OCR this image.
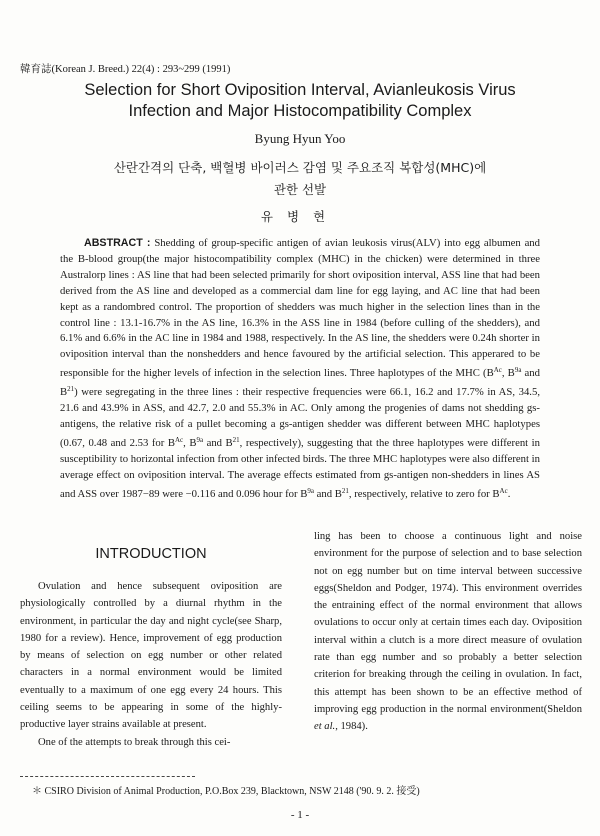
韓育誌(Korean J. Breed.) 22(4) : 293~299 (1991)
Selection for Short Oviposition Interval, Avianleukosis Virus
Infection and Major Histocompatibility Complex
Byung Hyun Yoo
산란간격의 단축, 백혈병 바이러스 감염 및 주요조직 복합성(MHC)에
관한 선발
유병현
ABSTRACT : Shedding of group-specific antigen of avian leukosis virus(ALV) into egg albumen and the B-blood group(the major histocompatibility complex (MHC) in the chicken) were determined in three Australorp lines : AS line that had been selected primarily for short oviposition interval, ASS line that had been derived from the AS line and developed as a commercial dam line for egg laying, and AC line that had been kept as a randombred control. The proportion of shedders was much higher in the selection lines than in the control line : 13.1-16.7% in the AS line, 16.3% in the ASS line in 1984 (before culling of the shedders), and 6.1% and 6.6% in the AC line in 1984 and 1988, respectively. In the AS line, the shedders were 0.24h shorter in oviposition interval than the nonshedders and hence favoured by the artificial selection. This apperared to be responsible for the higher levels of infection in the selection lines. Three haplotypes of the MHC ($B^{Ac}$, $B^{9a}$ and $B^{21}$) were segregating in the three lines : their respective frequencies were 66.1, 16.2 and 17.7% in AS, 34.5, 21.6 and 43.9% in ASS, and 42.7, 2.0 and 55.3% in AC. Only among the progenies of dams not shedding gs-antigens, the relative risk of a pullet becoming a gs-antigen shedder was different between MHC haplotypes (0.67, 0.48 and 2.53 for $B^{Ac}$, $B^{9a}$ and $B^{21}$, respectively), suggesting that the three haplotypes were different in susceptibility to horizontal infection from other infected birds. The three MHC haplotypes were also different in average effect on oviposition interval. The average effects estimated from gs-antigen non-shedders in lines AS and ASS over 1987−89 were −0.116 and 0.096 hour for $B^{9a}$ and $B^{21}$, respectively, relative to zero for $B^{Ac}$.
INTRODUCTION

Ovulation and hence subsequent oviposition are physiologically controlled by a diurnal rhythm in the environment, in particular the day and night cycle(see Sharp, 1980 for a review). Hence, improvement of egg production by means of selection on egg number or other related characters in a normal environment would be limited eventually to a maximum of one egg every 24 hours. This ceiling seems to be appearing in some of the highly-productive layer strains available at present.

One of the attempts to break through this cei-

ling has been to choose a continuous light and noise environment for the purpose of selection and to base selection not on egg number but on time interval between successive eggs(Sheldon and Podger, 1974). This environment overrides the entraining effect of the normal environment that allows ovulations to occur only at certain times each day. Oviposition interval within a clutch is a more direct measure of ovulation rate than egg number and so probably a better selection criterion for breaking through the ceiling in ovulation. In fact, this attempt has been shown to be an effective method of improving egg production in the normal environment(Sheldon et al., 1984).

＊ CSIRO Division of Animal Production, P.O.Box 239, Blacktown, NSW 2148 ('90. 9. 2. 接受)
- 1 -
